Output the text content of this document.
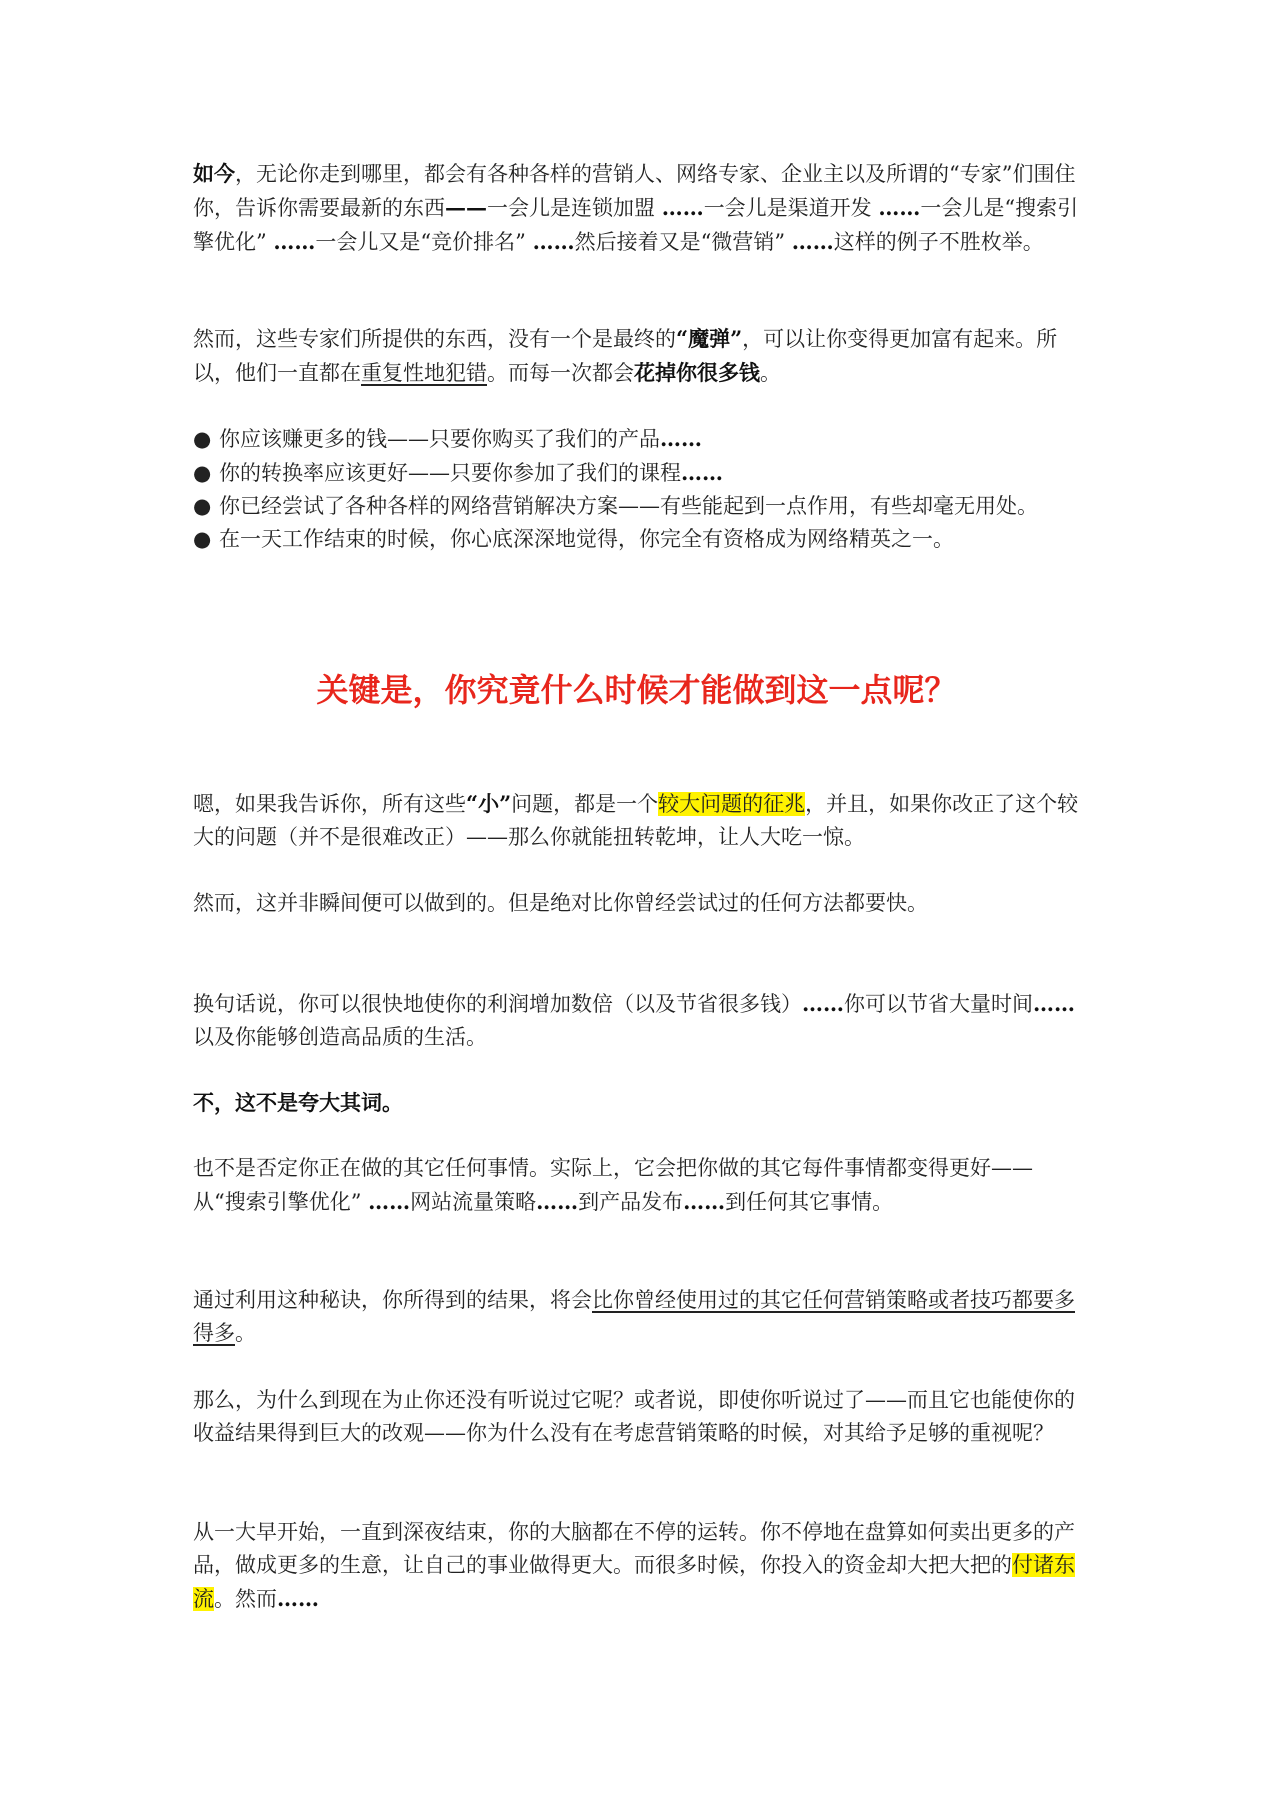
如今，无论你走到哪里，都会有各种各样的营销人、网络专家、企业主以及所谓的“专家”们围住你，告诉你需要最新的东西——一会儿是连锁加盟 ……一会儿是渠道开发 ……一会儿是“搜索引擎优化” ……一会儿又是“竞价排名” ……然后接着又是“微营销” ……这样的例子不胜枚举。

然而，这些专家们所提供的东西，没有一个是最终的“魔弹”，可以让你变得更加富有起来。所以，他们一直都在重复性地犯错。而每一次都会花掉你很多钱。

● 你应该赚更多的钱——只要你购买了我们的产品……
● 你的转换率应该更好——只要你参加了我们的课程……
● 你已经尝试了各种各样的网络营销解决方案——有些能起到一点作用，有些却毫无用处。
● 在一天工作结束的时候，你心底深深地觉得，你完全有资格成为网络精英之一。
关键是，你究竟什么时候才能做到这一点呢？

嗯，如果我告诉你，所有这些“小”问题，都是一个较大问题的征兆，并且，如果你改正了这个较大的问题（并不是很难改正）——那么你就能扭转乾坤，让人大吃一惊。

然而，这并非瞬间便可以做到的。但是绝对比你曾经尝试过的任何方法都要快。

换句话说，你可以很快地使你的利润增加数倍（以及节省很多钱）……你可以节省大量时间……以及你能够创造高品质的生活。

不，这不是夸大其词。

也不是否定你正在做的其它任何事情。实际上，它会把你做的其它每件事情都变得更好——从“搜索引擎优化” ……网站流量策略……到产品发布……到任何其它事情。

通过利用这种秘诀，你所得到的结果，将会比你曾经使用过的其它任何营销策略或者技巧都要多得多。

那么，为什么到现在为止你还没有听说过它呢？或者说，即使你听说过了——而且它也能使你的收益结果得到巨大的改观——你为什么没有在考虑营销策略的时候，对其给予足够的重视呢？

从一大早开始，一直到深夜结束，你的大脑都在不停的运转。你不停地在盘算如何卖出更多的产品，做成更多的生意，让自己的事业做得更大。而很多时候，你投入的资金却大把大把的付诸东流。然而……
